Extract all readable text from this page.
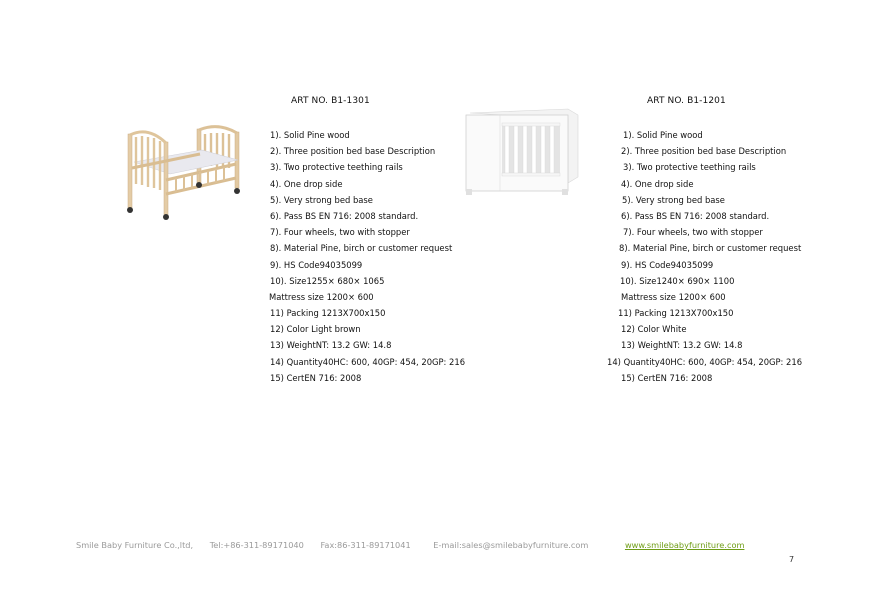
ART NO. B1-1301
1). Solid Pine wood
2). Three position bed base Description
3). Two protective teething rails
4). One drop side
5). Very strong bed base
6). Pass BS EN 716: 2008 standard.
7). Four wheels, two with stopper
8). Material Pine, birch or customer request
9). HS Code94035099
10). Size1255× 680× 1065
Mattress size 1200× 600
11) Packing 1213X700x150
12) Color Light brown
13) WeightNT: 13.2 GW: 14.8
14) Quantity40HC: 600, 40GP: 454, 20GP: 216
15) CertEN 716: 2008
ART NO. B1-1201
1). Solid Pine wood
2). Three position bed base Description
3). Two protective teething rails
4). One drop side
5). Very strong bed base
6). Pass BS EN 716: 2008 standard.
7). Four wheels, two with stopper
8). Material Pine, birch or customer request
9). HS Code94035099
10). Size1240× 690× 1100
Mattress size 1200× 600
11) Packing 1213X700x150
12) Color White
13) WeightNT: 13.2 GW: 14.8
14) Quantity40HC: 600, 40GP: 454, 20GP: 216
15) CertEN 716: 2008
Smile Baby Furniture Co.,ltd, Tel:+86-311-89171040 Fax:86-311-89171041	E-mail:sales@smilebabyfurniture.com	www.smilebabyfurniture.com
7
